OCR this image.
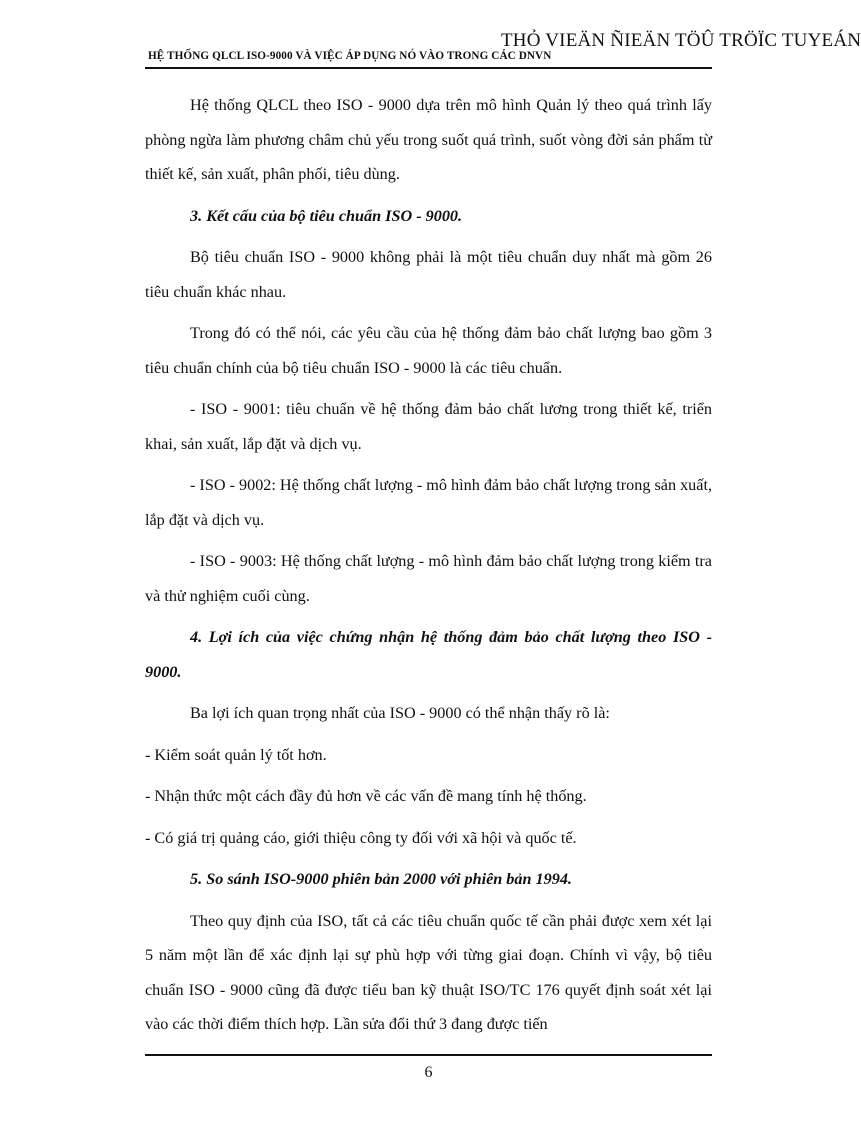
THỎ VIEÄN ÑIEÄN TÖÛ TRÖÏC TUYEÁN
HỆ THỐNG QLCL ISO-9000 VÀ VIỆC ÁP DỤNG NÓ VÀO TRONG CÁC DNVN

Hệ thống QLCL theo ISO - 9000 dựa trên mô hình Quản lý theo quá trình lấy phòng ngừa làm phương châm chủ yếu trong suốt quá trình, suốt vòng đời sản phẩm từ thiết kế, sản xuất, phân phối, tiêu dùng.

3. Kết cấu của bộ tiêu chuẩn ISO - 9000.

Bộ tiêu chuẩn ISO - 9000 không phải là một tiêu chuẩn duy nhất mà gồm 26 tiêu chuẩn khác nhau.

Trong đó có thể nói, các yêu cầu của hệ thống đảm bảo chất lượng bao gồm 3 tiêu chuẩn chính của bộ tiêu chuẩn ISO - 9000 là các tiêu chuẩn.

- ISO - 9001: tiêu chuẩn về hệ thống đảm bảo chất lương trong thiết kế, triển khai, sản xuất, lắp đặt và dịch vụ.

- ISO - 9002: Hệ thống chất lượng - mô hình đảm bảo chất lượng trong sản xuất, lắp đặt và dịch vụ.

- ISO - 9003: Hệ thống chất lượng - mô hình đảm bảo chất lượng trong kiểm tra và thử nghiệm cuối cùng.

4. Lợi ích của việc chứng nhận hệ thống đảm bảo chất lượng theo ISO - 9000.

Ba lợi ích quan trọng nhất của ISO - 9000 có thể nhận thấy rõ là:

- Kiểm soát quản lý tốt hơn.

- Nhận thức một cách đầy đủ hơn về các vấn đề mang tính hệ thống.

- Có giá trị quảng cáo, giới thiệu công ty đối với xã hội và quốc tế.

5. So sánh ISO-9000 phiên bản 2000 với phiên bản 1994.

Theo quy định của ISO, tất cả các tiêu chuẩn quốc tế cần phải được xem xét lại 5 năm một lần để xác định lại sự phù hợp với từng giai đoạn. Chính vì vậy, bộ tiêu chuẩn ISO - 9000 cũng đã được tiểu ban kỹ thuật ISO/TC 176 quyết định soát xét lại vào các thời điểm thích hợp. Lần sửa đổi thứ 3 đang được tiến

6
